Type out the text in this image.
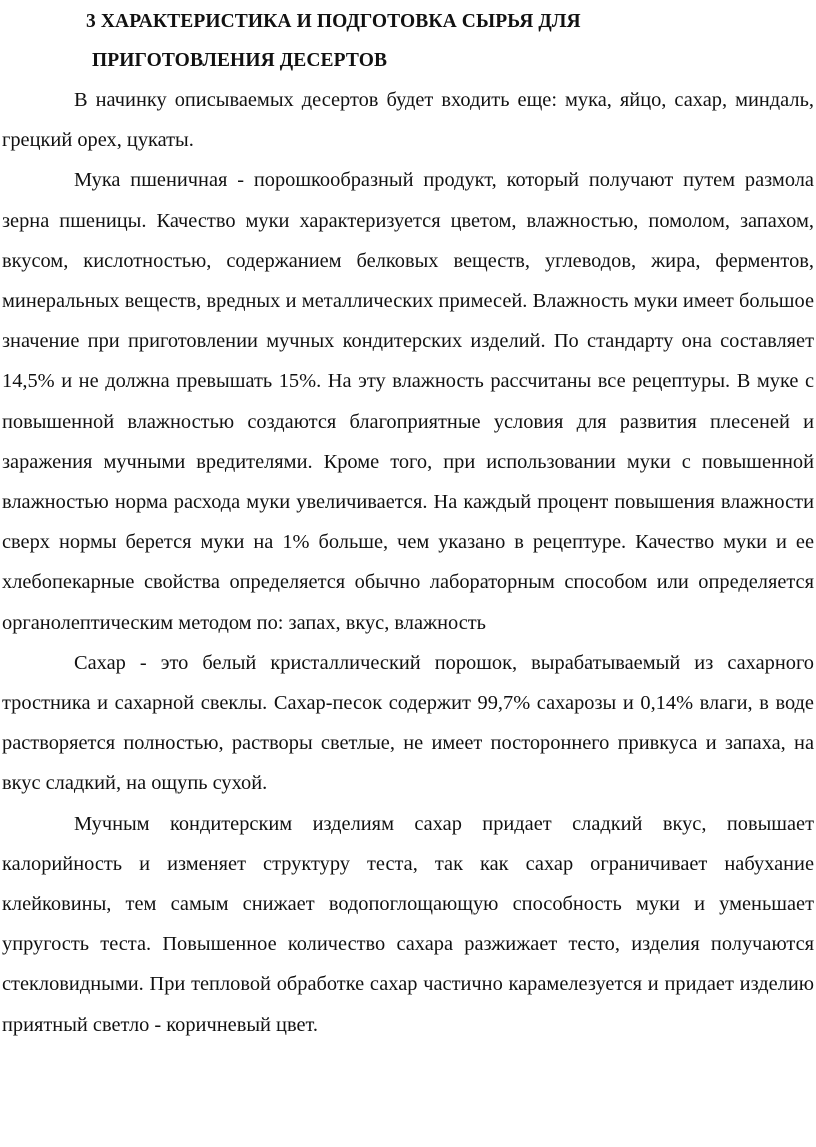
3 ХАРАКТЕРИСТИКА И ПОДГОТОВКА СЫРЬЯ ДЛЯ
ПРИГОТОВЛЕНИЯ ДЕСЕРТОВ

В начинку описываемых десертов будет входить еще: мука, яйцо, сахар, миндаль, грецкий орех, цукаты.

Мука пшеничная - порошкообразный продукт, который получают путем размола зерна пшеницы. Качество муки характеризуется цветом, влажностью, помолом, запахом, вкусом, кислотностью, содержанием белковых веществ, углеводов, жира, ферментов, минеральных веществ, вредных и металлических примесей. Влажность муки имеет большое значение при приготовлении мучных кондитерских изделий. По стандарту она составляет 14,5% и не должна превышать 15%. На эту влажность рассчитаны все рецептуры. В муке с повышенной влажностью создаются благоприятные условия для развития плесеней и заражения мучными вредителями. Кроме того, при использовании муки с повышенной влажностью норма расхода муки увеличивается. На каждый процент повышения влажности сверх нормы берется муки на 1% больше, чем указано в рецептуре. Качество муки и ее хлебопекарные свойства определяется обычно лабораторным способом или определяется органолептическим методом по: запах, вкус, влажность

Сахар - это белый кристаллический порошок, вырабатываемый из сахарного тростника и сахарной свеклы. Сахар-песок содержит 99,7% сахарозы и 0,14% влаги, в воде растворяется полностью, растворы светлые, не имеет постороннего привкуса и запаха, на вкус сладкий, на ощупь сухой.

Мучным кондитерским изделиям сахар придает сладкий вкус, повышает калорийность и изменяет структуру теста, так как сахар ограничивает набухание клейковины, тем самым снижает водопоглощающую способность муки и уменьшает упругость теста. Повышенное количество сахара разжижает тесто, изделия получаются стекловидными. При тепловой обработке сахар частично карамелезуется и придает изделию приятный светло - коричневый цвет.
